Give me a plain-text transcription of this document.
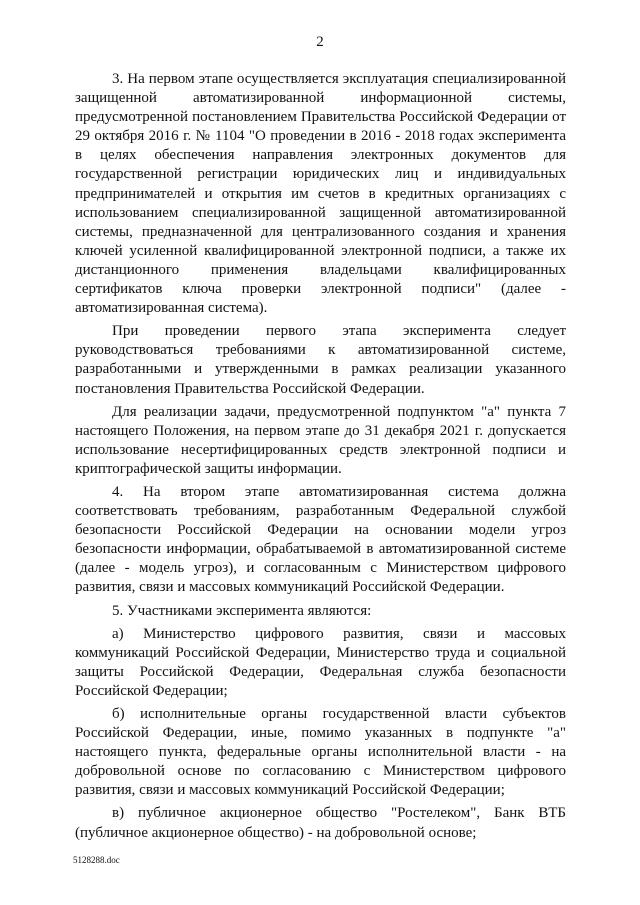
2

3. На первом этапе осуществляется эксплуатация специализированной защищенной автоматизированной информационной системы, предусмотренной постановлением Правительства Российской Федерации от 29 октября 2016 г. № 1104 "О проведении в 2016 - 2018 годах эксперимента в целях обеспечения направления электронных документов для государственной регистрации юридических лиц и индивидуальных предпринимателей и открытия им счетов в кредитных организациях с использованием специализированной защищенной автоматизированной системы, предназначенной для централизованного создания и хранения ключей усиленной квалифицированной электронной подписи, а также их дистанционного применения владельцами квалифицированных сертификатов ключа проверки электронной подписи" (далее - автоматизированная система).

При проведении первого этапа эксперимента следует руководствоваться требованиями к автоматизированной системе, разработанными и утвержденными в рамках реализации указанного постановления Правительства Российской Федерации.

Для реализации задачи, предусмотренной подпунктом "а" пункта 7 настоящего Положения, на первом этапе до 31 декабря 2021 г. допускается использование несертифицированных средств электронной подписи и криптографической защиты информации.

4. На втором этапе автоматизированная система должна соответствовать требованиям, разработанным Федеральной службой безопасности Российской Федерации на основании модели угроз безопасности информации, обрабатываемой в автоматизированной системе (далее - модель угроз), и согласованным с Министерством цифрового развития, связи и массовых коммуникаций Российской Федерации.

5. Участниками эксперимента являются:

а) Министерство цифрового развития, связи и массовых коммуникаций Российской Федерации, Министерство труда и социальной защиты Российской Федерации, Федеральная служба безопасности Российской Федерации;

б) исполнительные органы государственной власти субъектов Российской Федерации, иные, помимо указанных в подпункте "а" настоящего пункта, федеральные органы исполнительной власти - на добровольной основе по согласованию с Министерством цифрового развития, связи и массовых коммуникаций Российской Федерации;

в) публичное акционерное общество "Ростелеком", Банк ВТБ (публичное акционерное общество) - на добровольной основе;

5128288.doc
